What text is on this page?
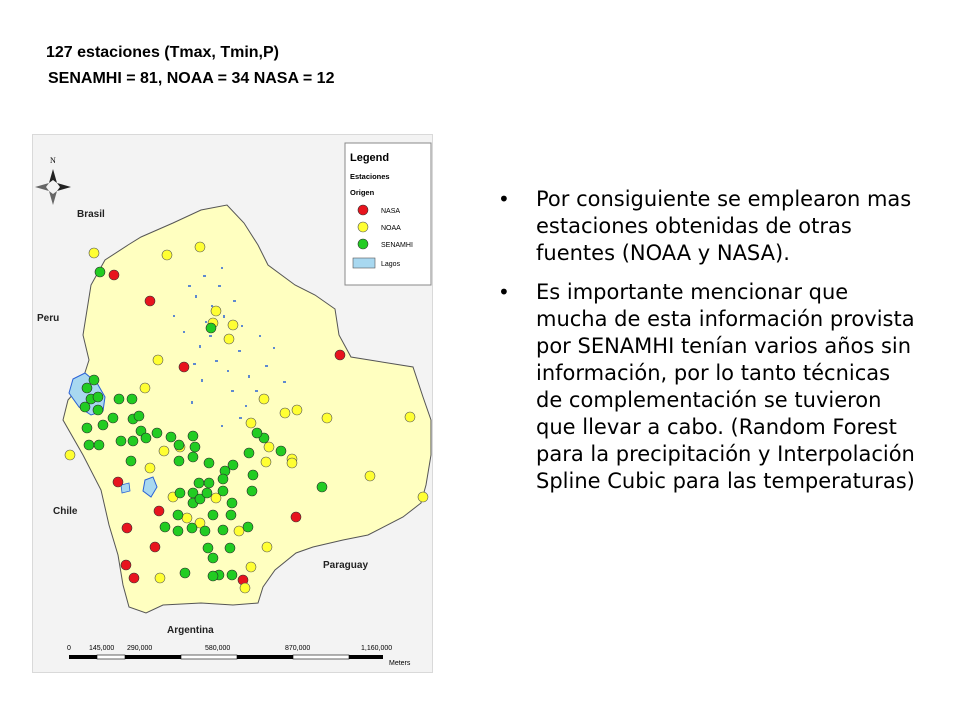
127 estaciones (Tmax, Tmin,P)
SENAMHI = 81, NOAA = 34 NASA = 12
N
Brasil
Peru
Chile
Paraguay
Argentina
Legend
Estaciones
Origen
NASA
NOAA
SENAMHI
Lagos
0	145,000 290,000	580,000	870,000	1,160,000
Meters
• Por consiguiente se emplearon mas estaciones obtenidas de otras fuentes (NOAA y NASA).
• Es importante mencionar que mucha de esta información provista por SENAMHI tenían varios años sin información, por lo tanto técnicas de complementación se tuvieron que llevar a cabo. (Random Forest para la precipitación y Interpolación Spline Cubic para las temperaturas)
